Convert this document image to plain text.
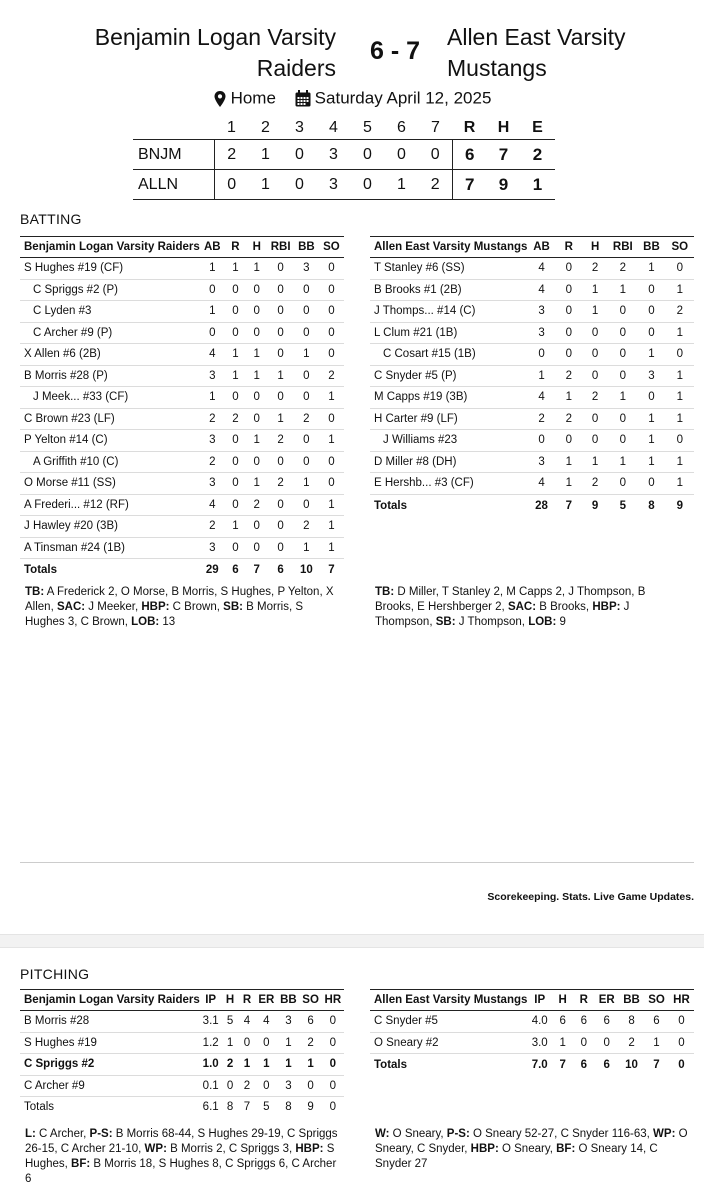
Benjamin Logan Varsity
Raiders
6 - 7	Allen East Varsity
Mustangs
Home Saturday April 12, 2025
	1	2	3	4	5	6	7	R	H	E
BNJM	2	1	0	3	0	0	0	6	7	2
ALLN	0	1	0	3	0	1	2	7	9	1
BATTING
Benjamin Logan Varsity Raiders	AB	R	H	RBI	BB	SO
S Hughes #19 (CF)	1	1	1	0	3	0
C Spriggs #2 (P)	0	0	0	0	0	0
C Lyden #3	1	0	0	0	0	0
C Archer #9 (P)	0	0	0	0	0	0
X Allen #6 (2B)	4	1	1	0	1	0
B Morris #28 (P)	3	1	1	1	0	2
J Meek... #33 (CF)	1	0	0	0	0	1
C Brown #23 (LF)	2	2	0	1	2	0
P Yelton #14 (C)	3	0	1	2	0	1
A Griffith #10 (C)	2	0	0	0	0	0
O Morse #11 (SS)	3	0	1	2	1	0
A Frederi... #12 (RF)	4	0	2	0	0	1
J Hawley #20 (3B)	2	1	0	0	2	1
A Tinsman #24 (1B)	3	0	0	0	1	1
Totals	29	6	7	6	10	7
Allen East Varsity Mustangs	AB	R	H	RBI	BB	SO
T Stanley #6 (SS)	4	0	2	2	1	0
B Brooks #1 (2B)	4	0	1	1	0	1
J Thomps... #14 (C)	3	0	1	0	0	2
L Clum #21 (1B)	3	0	0	0	0	1
C Cosart #15 (1B)	0	0	0	0	1	0
C Snyder #5 (P)	1	2	0	0	3	1
M Capps #19 (3B)	4	1	2	1	0	1
H Carter #9 (LF)	2	2	0	0	1	1
J Williams #23	0	0	0	0	1	0
D Miller #8 (DH)	3	1	1	1	1	1
E Hershb... #3 (CF)	4	1	2	0	0	1
Totals	28	7	9	5	8	9
TB: A Frederick 2, O Morse, B Morris, S Hughes, P Yelton, X Allen, SAC: J Meeker, HBP: C Brown, SB: B Morris, S Hughes 3, C Brown, LOB: 13
TB: D Miller, T Stanley 2, M Capps 2, J Thompson, B Brooks, E Hershberger 2, SAC: B Brooks, HBP: J Thompson, SB: J Thompson, LOB: 9
Scorekeeping. Stats. Live Game Updates.
PITCHING
Benjamin Logan Varsity Raiders	IP	H	R	ER	BB	SO	HR
B Morris #28	3.1	5	4	4	3	6	0
S Hughes #19	1.2	1	0	0	1	2	0
C Spriggs #2	1.0	2	1	1	1	1	0
C Archer #9	0.1	0	2	0	3	0	0
Totals	6.1	8	7	5	8	9	0
Allen East Varsity Mustangs	IP	H	R	ER	BB	SO	HR
C Snyder #5	4.0	6	6	6	8	6	0
O Sneary #2	3.0	1	0	0	2	1	0
Totals	7.0	7	6	6	10	7	0
L: C Archer, P-S: B Morris 68-44, S Hughes 29-19, C Spriggs 26-15, C Archer 21-10, WP: B Morris 2, C Spriggs 3, HBP: S Hughes, BF: B Morris 18, S Hughes 8, C Spriggs 6, C Archer 6
W: O Sneary, P-S: O Sneary 52-27, C Snyder 116-63, WP: O Sneary, C Snyder, HBP: O Sneary, BF: O Sneary 14, C Snyder 27
